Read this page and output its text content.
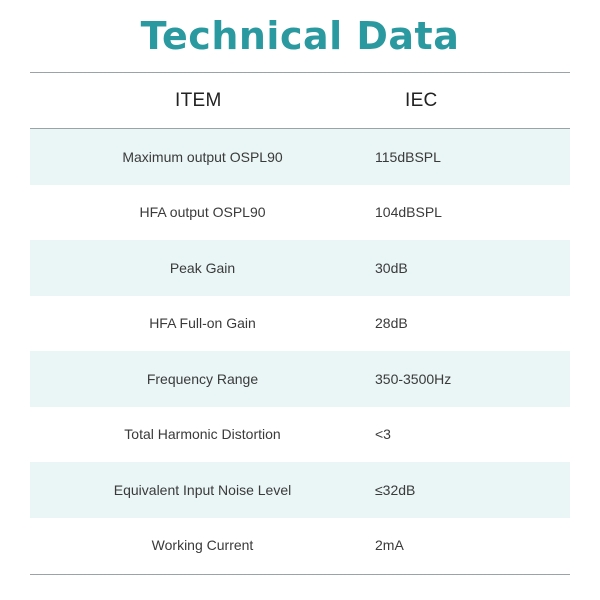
Technical Data
ITEM	IEC
Maximum output OSPL90	115dBSPL
HFA output OSPL90	104dBSPL
Peak Gain	30dB
HFA Full-on Gain	28dB
Frequency Range	350-3500Hz
Total Harmonic Distortion	<3
Equivalent Input Noise Level	≤32dB
Working Current	2mA
